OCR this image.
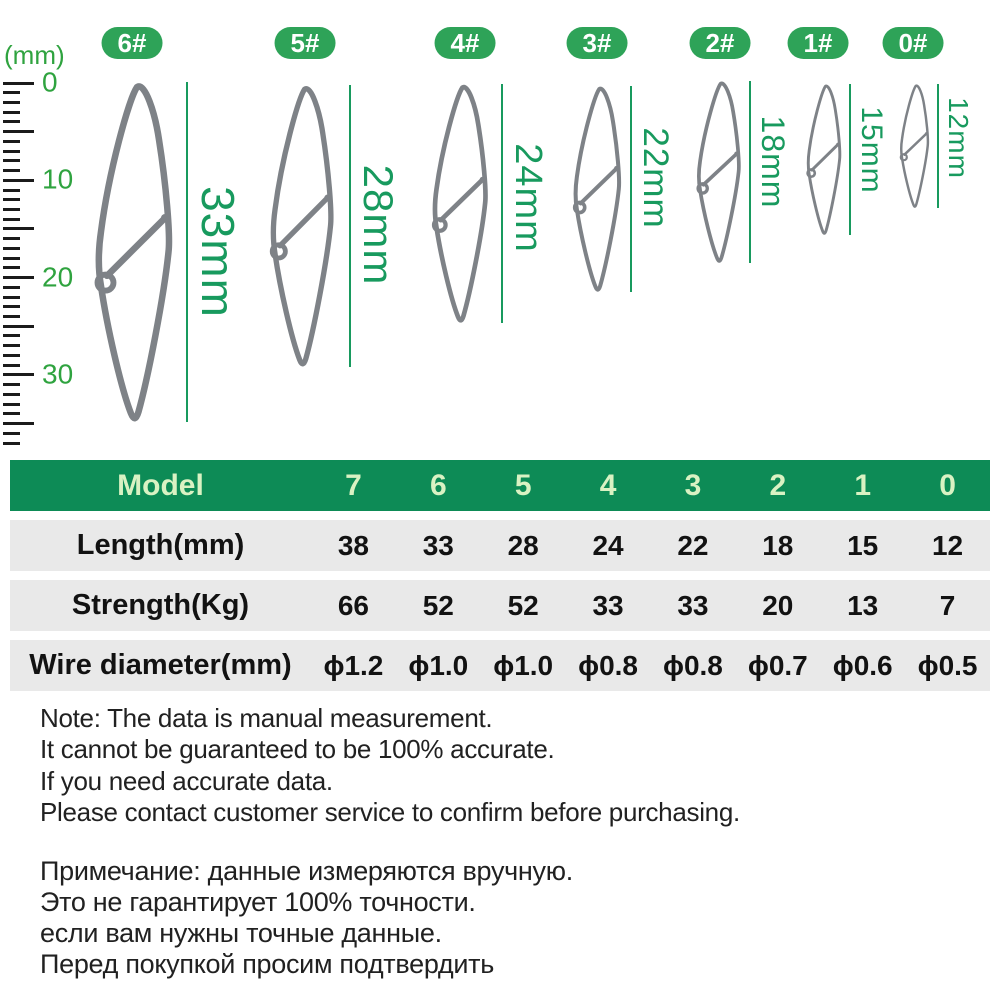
(mm)
0
10
20
30
6#
33mm
5#
28mm
4#
24mm
3#
22mm
2#
18mm
1#
15mm
0#
12mm
Model	7	6	5	4	3	2	1	0
Length(mm)	38	33	28	24	22	18	15	12
Strength(Kg)	66	52	52	33	33	20	13	7
Wire diameter(mm)	ϕ1.2 ϕ1.0 ϕ1.0 ϕ0.8 ϕ0.8 ϕ0.7 ϕ0.6 ϕ0.5

Note: The data is manual measurement.

It cannot be guaranteed to be 100% accurate.

If you need accurate data.

Please contact customer service to confirm before purchasing.

Примечание: данные измеряются вручную.

Это не гарантирует 100% точности.

если вам нужны точные данные.

Перед покупкой просим подтвердить
